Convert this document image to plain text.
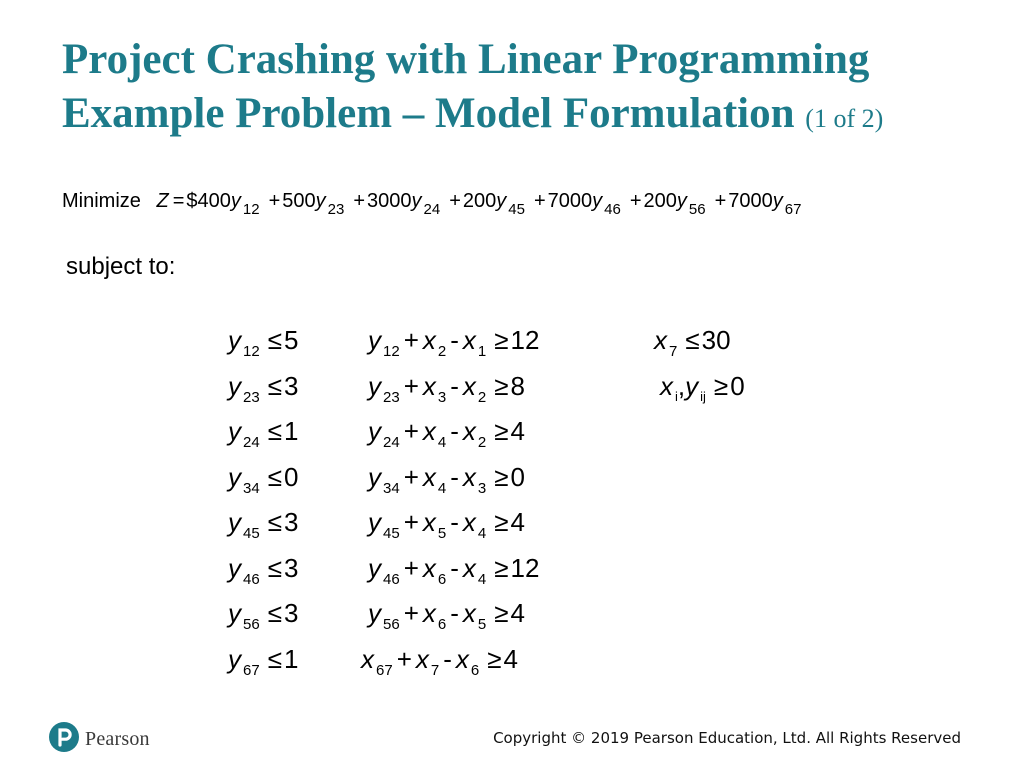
Project Crashing with Linear Programming
Example Problem – Model Formulation (1 of 2)
Minimize Z = $400y $_{12}$ + 500y $_{23}$ + 3000y $_{24}$ + 200y $_{45}$ + 7000y $_{46}$ + 200y $_{56}$ + 7000y $_{67}$
subject to:
y $_{12}$ ≤5
y $_{23}$ ≤3
y $_{24}$ ≤1
y $_{34}$ ≤0
y $_{45}$ ≤3
y $_{46}$ ≤3
y $_{56}$ ≤3
y $_{67}$ ≤1
y $_{12}$ + x $_2$ - x $_1$ ≥12
y $_{23}$ + x $_3$ - x $_2$ ≥8
y $_{24}$ + x $_4$ - x $_2$ ≥4
y $_{34}$ + x $_4$ - x $_3$ ≥0
y $_{45}$ + x $_5$ - x $_4$ ≥4
y $_{46}$ + x $_6$ - x $_4$ ≥12
y $_{56}$ + x $_6$ - x $_5$ ≥4
x $_{67}$ + x $_7$ - x $_6$ ≥4
x $_7$ ≤30
x $_i$,y $_{ij}$ ≥0
Pearson	Copyright © 2019 Pearson Education, Ltd. All Rights Reserved
